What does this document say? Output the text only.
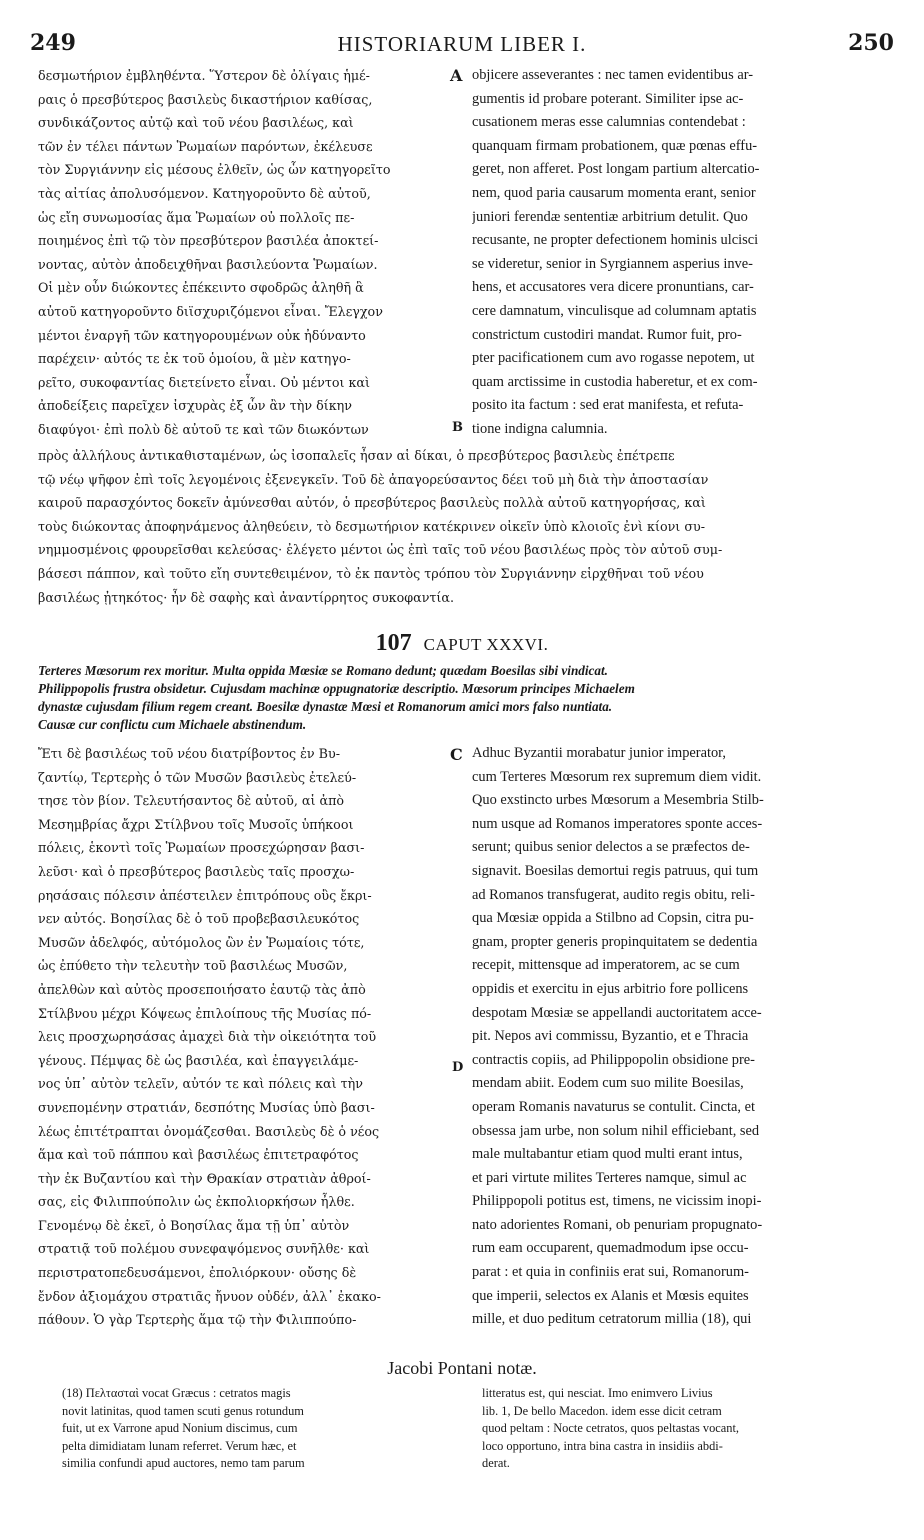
249	HISTORIARUM LIBER I.	250
δεσμωτήριον ἐμβληθέντα. Ὕστερον δὲ ὀλίγαις ἡμέ-
ραις ὁ πρεσβύτερος βασιλεὺς δικαστήριον καθίσας,
συνδικάζοντος αὐτῷ καὶ τοῦ νέου βασιλέως, καὶ
τῶν ἐν τέλει πάντων Ῥωμαίων παρόντων, ἐκέλευσε
τὸν Συργιάννην εἰς μέσους ἐλθεῖν, ὡς ὧν κατηγορεῖτο
τὰς αἰτίας ἀπολυσόμενον. Κατηγοροῦντο δὲ αὐτοῦ,
ὡς εἴη συνωμοσίας ἅμα Ῥωμαίων οὐ πολλοῖς πε-
ποιημένος ἐπὶ τῷ τὸν πρεσβύτερον βασιλέα ἀποκτεί-
νοντας, αὐτὸν ἀποδειχθῆναι βασιλεύοντα Ῥωμαίων.
Οἱ μὲν οὖν διώκοντες ἐπέκειντο σφοδρῶς ἀληθῆ ἃ
αὐτοῦ κατηγοροῦντο διϊσχυριζόμενοι εἶναι. Ἔλεγχον
μέντοι ἐναργῆ τῶν κατηγορουμένων οὐκ ἠδύναντο
παρέχειν· αὐτός τε ἐκ τοῦ ὁμοίου, ἃ μὲν κατηγο-
ρεῖτο, συκοφαντίας διετείνετο εἶναι. Οὐ μέντοι καὶ
ἀποδείξεις παρεῖχεν ἰσχυρὰς ἐξ ὧν ἂν τὴν δίκην
διαφύγοι· ἐπὶ πολὺ δὲ αὐτοῦ τε καὶ τῶν διωκόντων
A objicere asseverantes : nec tamen evidentibus ar-
gumentis id probare poterant. Similiter ipse ac-
cusationem meras esse calumnias contendebat :
quanquam firmam probationem, quæ pœnas effu-
geret, non afferet. Post longam partium altercatio-
nem, quod paria causarum momenta erant, senior
juniori ferendæ sententiæ arbitrium detulit. Quo
recusante, ne propter defectionem hominis ulcisci
se videretur, senior in Syrgiannem asperius inve-
hens, et accusatores vera dicere pronuntians, car-
cere damnatum, vinculisque ad columnam aptatis
constrictum custodiri mandat. Rumor fuit, pro-
pter pacificationem cum avo rogasse nepotem, ut
quam arctissime in custodia haberetur, et ex com-
posito ita factum : sed erat manifesta, et refuta-
tione indigna calumnia.
B
πρὸς ἀλλήλους ἀντικαθισταμένων, ὡς ἰσοπαλεῖς ἦσαν αἱ δίκαι, ὁ πρεσβύτερος βασιλεὺς ἐπέτρεπε
τῷ νέῳ ψῆφον ἐπὶ τοῖς λεγομένοις ἐξενεγκεῖν. Τοῦ δὲ ἀπαγορεύσαντος δέει τοῦ μὴ διὰ τὴν ἀποστασίαν
καιροῦ παρασχόντος δοκεῖν ἀμύνεσθαι αὐτόν, ὁ πρεσβύτερος βασιλεὺς πολλὰ αὐτοῦ κατηγορήσας, καὶ
τοὺς διώκοντας ἀποφηνάμενος ἀληθεύειν, τὸ δεσμωτήριον κατέκρινεν οἰκεῖν ὑπὸ κλοιοῖς ἐνὶ κίονι συ-
νημμοσμένοις φρουρεῖσθαι κελεύσας· ἐλέγετο μέντοι ὡς ἐπὶ ταῖς τοῦ νέου βασιλέως πρὸς τὸν αὐτοῦ συμ-
βάσεσι πάππον, καὶ τοῦτο εἴη συντεθειμένον, τὸ ἐκ παντὸς τρόπου τὸν Συργιάννην εἱρχθῆναι τοῦ νέου
βασιλέως ᾐτηκότος· ἦν δὲ σαφὴς καὶ ἀναντίρρητος συκοφαντία.
107 CAPUT XXXVI.
Terteres Mœsorum rex moritur. Multa oppida Mœsiæ se Romano dedunt; quædam Boesilas sibi vindicat.
Philippopolis frustra obsidetur. Cujusdam machinæ oppugnatoriæ descriptio. Mœsorum principes Michaelem
dynastæ cujusdam filium regem creant. Boesilæ dynastæ Mœsi et Romanorum amici mors falso nuntiata.
Causæ cur conflictu cum Michaele abstinendum.
Ἔτι δὲ βασιλέως τοῦ νέου διατρίβοντος ἐν Βυ-
ζαντίῳ, Τερτερὴς ὁ τῶν Μυσῶν βασιλεὺς ἐτελεύ-
τησε τὸν βίον. Τελευτήσαντος δὲ αὐτοῦ, αἱ ἀπὸ
Μεσημβρίας ἄχρι Στίλβνου τοῖς Μυσοῖς ὑπήκοοι
πόλεις, ἑκοντὶ τοῖς Ῥωμαίων προσεχώρησαν βασι-
λεῦσι· καὶ ὁ πρεσβύτερος βασιλεὺς ταῖς προσχω-
ρησάσαις πόλεσιν ἀπέστειλεν ἐπιτρόπους οὓς ἔκρι-
νεν αὐτός. Βοησίλας δὲ ὁ τοῦ προβεβασιλευκότος
Μυσῶν ἀδελφός, αὐτόμολος ὢν ἐν Ῥωμαίοις τότε,
ὡς ἐπύθετο τὴν τελευτὴν τοῦ βασιλέως Μυσῶν,
ἀπελθὼν καὶ αὐτὸς προσεποιήσατο ἑαυτῷ τὰς ἀπὸ
Στίλβνου μέχρι Κόψεως ἐπιλοίπους τῆς Μυσίας πό-
λεις προσχωρησάσας ἀμαχεὶ διὰ τὴν οἰκειότητα τοῦ
γένους. Πέμψας δὲ ὡς βασιλέα, καὶ ἐπαγγειλάμε-
νος ὑπ᾽ αὐτὸν τελεῖν, αὐτόν τε καὶ πόλεις καὶ τὴν
συνεπομένην στρατιάν, δεσπότης Μυσίας ὑπὸ βασι-
λέως ἐπιτέτραπται ὀνομάζεσθαι. Βασιλεὺς δὲ ὁ νέος
ἅμα καὶ τοῦ πάππου καὶ βασιλέως ἐπιτετραφότος
τὴν ἐκ Βυζαντίου καὶ τὴν Θρακίαν στρατιὰν ἀθροί-
σας, εἰς Φιλιππούπολιν ὡς ἐκπολιορκήσων ἦλθε.
Γενομένῳ δὲ ἐκεῖ, ὁ Βοησίλας ἅμα τῇ ὑπ᾽ αὐτὸν
στρατιᾷ τοῦ πολέμου συνεφαψόμενος συνῆλθε· καὶ
περιστρατοπεδευσάμενοι, ἐπολιόρκουν· οὔσης δὲ
ἔνδον ἀξιομάχου στρατιᾶς ἤνυον οὐδέν, ἀλλ᾽ ἐκακο-
πάθουν. Ὁ γὰρ Τερτερὴς ἅμα τῷ τὴν Φιλιππούπο-
C
D
Adhuc Byzantii morabatur junior imperator,
cum Terteres Mœsorum rex supremum diem vidit.
Quo exstincto urbes Mœsorum a Mesembria Stilb-
num usque ad Romanos imperatores sponte acces-
serunt; quibus senior delectos a se præfectos de-
signavit. Boesilas demortui regis patruus, qui tum
ad Romanos transfugerat, audito regis obitu, reli-
qua Mœsiæ oppida a Stilbno ad Copsin, citra pu-
gnam, propter generis propinquitatem se dedentia
recepit, mittensque ad imperatorem, ac se cum
oppidis et exercitu in ejus arbitrio fore pollicens
despotam Mœsiæ se appellandi auctoritatem acce-
pit. Nepos avi commissu, Byzantio, et e Thracia
contractis copiis, ad Philippopolin obsidione pre-
mendam abiit. Eodem cum suo milite Boesilas,
operam Romanis navaturus se contulit. Cincta, et
obsessa jam urbe, non solum nihil efficiebant, sed
male multabantur etiam quod multi erant intus,
et pari virtute milites Terteres namque, simul ac
Philippopoli potitus est, timens, ne vicissim inopi-
nato adorientes Romani, ob penuriam propugnato-
rum eam occuparent, quemadmodum ipse occu-
parat : et quia in confiniis erat sui, Romanorum-
que imperii, selectos ex Alanis et Mœsis equites
mille, et duo peditum cetratorum millia (18), qui
Jacobi Pontani notæ.
(18) Πελτασταὶ vocat Græcus : cetratos magis
novit latinitas, quod tamen scuti genus rotundum
fuit, ut ex Varrone apud Nonium discimus, cum
pelta dimidiatam lunam referret. Verum hæc, et
similia confundi apud auctores, nemo tam parum
litteratus est, qui nesciat. Imo enimvero Livius
lib. 1, De bello Macedon. idem esse dicit cetram
quod peltam : Nocte cetratos, quos peltastas vocant,
loco opportuno, intra bina castra in insidiis abdi-
derat.
